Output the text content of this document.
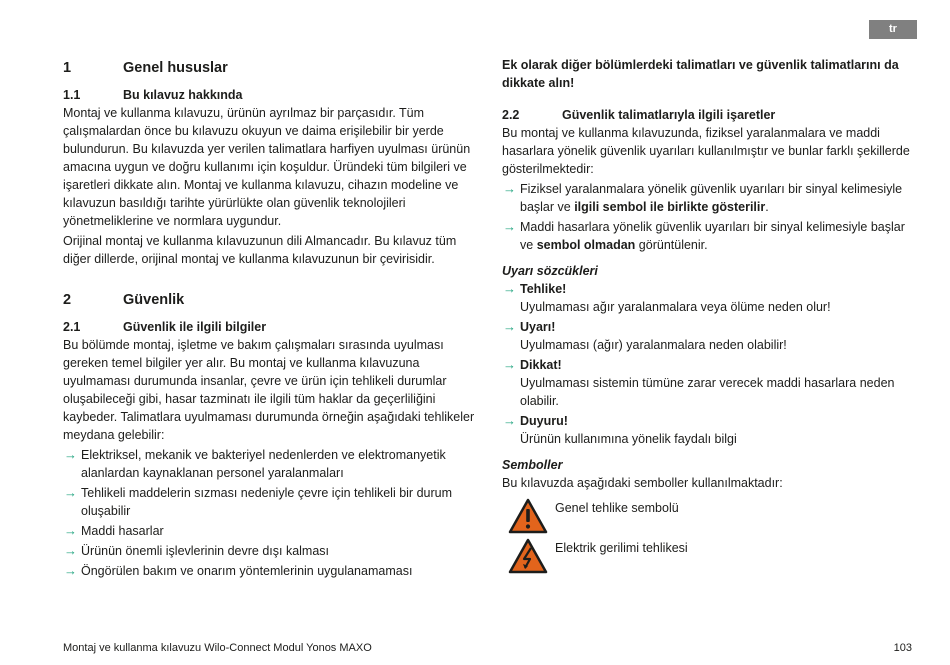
tr
1	Genel hususlar
1.1	Bu kılavuz hakkında

Montaj ve kullanma kılavuzu, ürünün ayrılmaz bir parçasıdır. Tüm çalışmalardan önce bu kılavuzu okuyun ve daima erişilebilir bir yerde bulundurun. Bu kılavuzda yer verilen talimatlara harfiyen uyulması ürünün amacına uygun ve doğru kullanımı için koşuldur. Üründeki tüm bilgileri ve işaretleri dikkate alın. Montaj ve kullanma kılavuzu, cihazın modeline ve kılavuzun basıldığı tarihte yürürlükte olan güvenlik teknolojileri yönetmeliklerine ve normlara uygundur.

Orijinal montaj ve kullanma kılavuzunun dili Almancadır. Bu kılavuz tüm diğer dillerde, orijinal montaj ve kullanma kılavuzunun bir çevirisidir.

2	Güvenlik
2.1	Güvenlik ile ilgili bilgiler

Bu bölümde montaj, işletme ve bakım çalışmaları sırasında uyulması gereken temel bilgiler yer alır. Bu montaj ve kullanma kılavuzuna uyulmaması durumunda insanlar, çevre ve ürün için tehlikeli durumlar oluşabileceği gibi, hasar tazminatı ile ilgili tüm haklar da geçerliliğini kaybeder. Talimatlara uyulmaması durumunda örneğin aşağıdaki tehlikeler meydana gelebilir:

→ Elektriksel, mekanik ve bakteriyel nedenlerden ve elektromanyetik alanlardan kaynaklanan personel yaralanmaları
→ Tehlikeli maddelerin sızması nedeniyle çevre için tehlikeli bir durum oluşabilir
→ Maddi hasarlar
→ Ürünün önemli işlevlerinin devre dışı kalması
→ Öngörülen bakım ve onarım yöntemlerinin uygulanamaması

Ek olarak diğer bölümlerdeki talimatları ve güvenlik talimatlarını da dikkate alın!

2.2	Güvenlik talimatlarıyla ilgili işaretler

Bu montaj ve kullanma kılavuzunda, fiziksel yaralanmalara ve maddi hasarlara yönelik güvenlik uyarıları kullanılmıştır ve bunlar farklı şekillerde gösterilmektedir:

→ Fiziksel yaralanmalara yönelik güvenlik uyarıları bir sinyal kelimesiyle başlar ve ilgili sembol ile birlikte gösterilir.
→ Maddi hasarlara yönelik güvenlik uyarıları bir sinyal kelimesiyle başlar ve sembol olmadan görüntülenir.

Uyarı sözcükleri

→ Tehlike!
Uyulmaması ağır yaralanmalara veya ölüme neden olur!
→ Uyarı!
Uyulmaması (ağır) yaralanmalara neden olabilir!
→ Dikkat!
Uyulmaması sistemin tümüne zarar verecek maddi hasarlara neden olabilir.
→ Duyuru!
Ürünün kullanımına yönelik faydalı bilgi

Semboller

Bu kılavuzda aşağıdaki semboller kullanılmaktadır:

Genel tehlike sembolü
Elektrik gerilimi tehlikesi
Montaj ve kullanma kılavuzu Wilo-Connect Modul Yonos MAXO	103
